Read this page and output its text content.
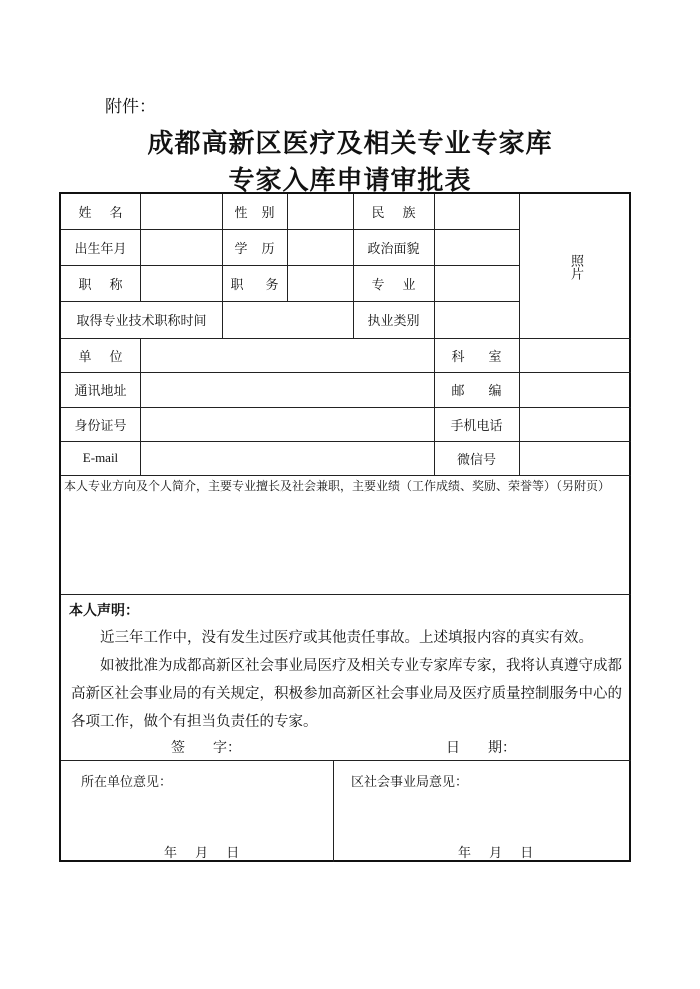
附件：
成都高新区医疗及相关专业专家库
专家入库申请审批表
姓 名	性 别	民 族
出生年月	学 历	政治面貌
职 称	职 务	专 业
取得专业技术职称时间	执业类别
照片
单 位	科 室
通讯地址	邮 编
身份证号	手机电话
E-mail	微信号
本人专业方向及个人简介，主要专业擅长及社会兼职，主要业绩（工作成绩、奖励、荣誉等）（另附页）
本人声明：
近三年工作中，没有发生过医疗或其他责任事故。上述填报内容的真实有效。
如被批准为成都高新区社会事业局医疗及相关专业专家库专家，我将认真遵守成都高新区社会事业局的有关规定，积极参加高新区社会事业局及医疗质量控制服务中心的各项工作，做个有担当负责任的专家。
签　　字：	日　　期：
所在单位意见：	区社会事业局意见：
年 月 日	年 月 日
